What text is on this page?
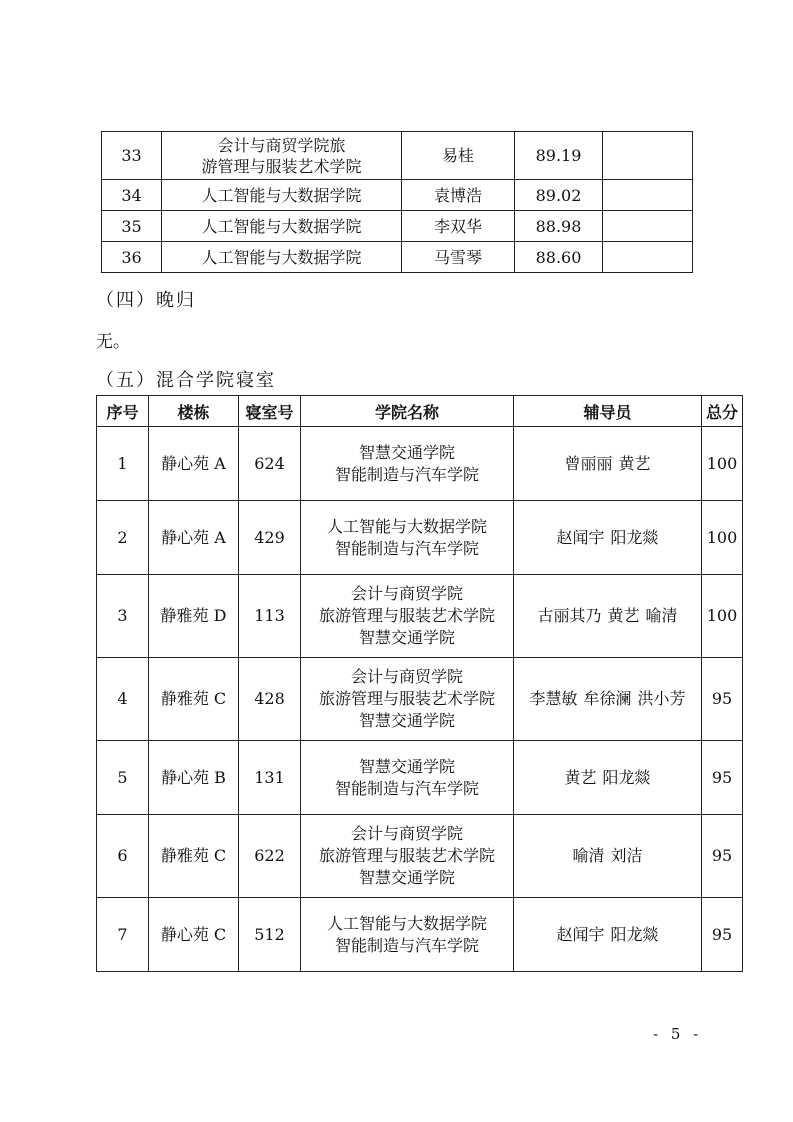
33	会计与商贸学院旅
游管理与服装艺术学院	易桂	89.19	
34	人工智能与大数据学院	袁博浩	89.02	
35	人工智能与大数据学院	李双华	88.98	
36	人工智能与大数据学院	马雪琴	88.60	
（四）晚归
无。
（五）混合学院寝室
序号	楼栋	寝室号	学院名称	辅导员	总分
1	静心苑 A	624	智慧交通学院
智能制造与汽车学院	曾丽丽 黄艺	100
2	静心苑 A	429	人工智能与大数据学院
智能制造与汽车学院	赵闻宇 阳龙燚	100
3	静雅苑 D	113	会计与商贸学院
旅游管理与服装艺术学院
智慧交通学院	古丽其乃 黄艺 喻清	100
4	静雅苑 C	428	会计与商贸学院
旅游管理与服装艺术学院
智慧交通学院	李慧敏 牟徐澜 洪小芳	95
5	静心苑 B	131	智慧交通学院
智能制造与汽车学院	黄艺 阳龙燚	95
6	静雅苑 C	622	会计与商贸学院
旅游管理与服装艺术学院
智慧交通学院	喻清 刘洁	95
7	静心苑 C	512	人工智能与大数据学院
智能制造与汽车学院	赵闻宇 阳龙燚	95
- 5 -
